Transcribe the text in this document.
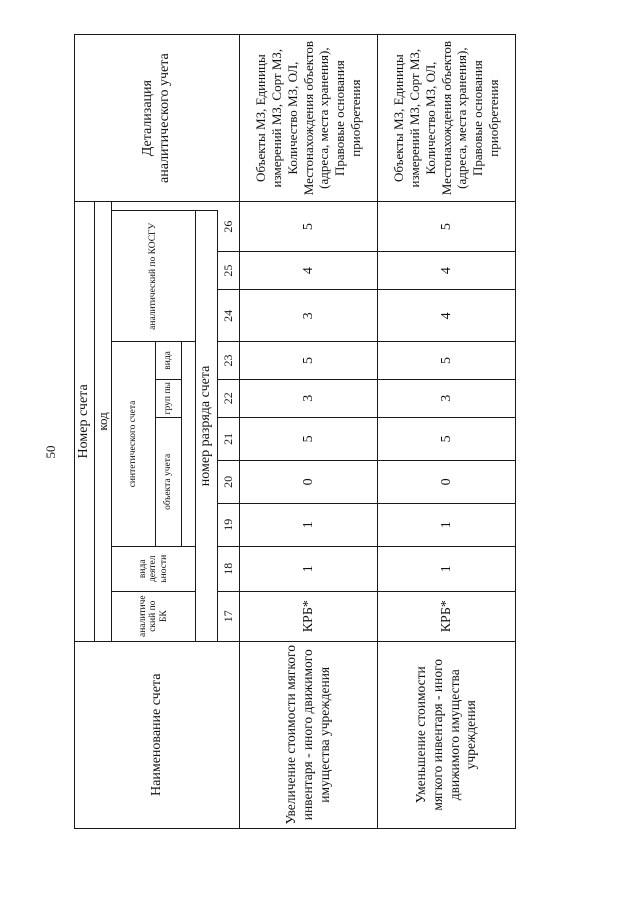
50
Наименование счета	Номер счета											Детализация аналитического учета
	код											
	аналитиче ский по БК	вида деятел ьности	синтетического счета					аналитический по КОСГУ				
			объекта учета			груп пы	вида					

	номер разряда счета											
	17	18	19	20	21	22	23	24	25	26		
Увеличение стоимости мягкого инвентаря - иного движимого имущества учреждения	КРБ*	1	1	0	5	3	5	3	4	5		Объекты МЗ, Единицы измерений МЗ, Сорт МЗ, Количество МЗ, ОЛ, Местонахождения объектов (адреса, места хранения), Правовые основания приобретения
Уменьшение стоимости мягкого инвентаря - иного движимого имущества учреждения	КРБ*	1	1	0	5	3	5	4	4	5		Объекты МЗ, Единицы измерений МЗ, Сорт МЗ, Количество МЗ, ОЛ, Местонахождения объектов (адреса, места хранения), Правовые основания приобретения
